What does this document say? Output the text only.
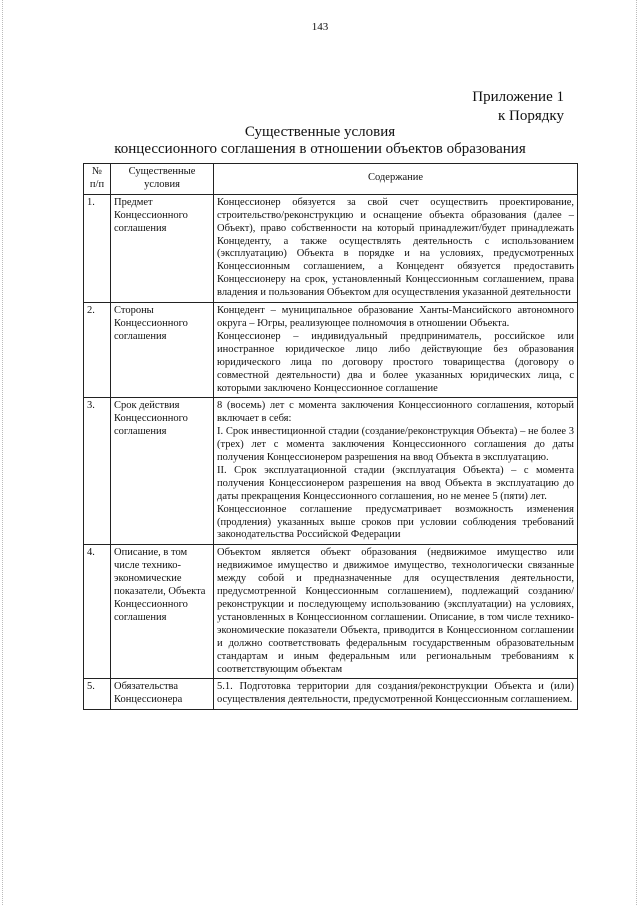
143
Приложение 1
к Порядку
Существенные условия
концессионного соглашения в отношении объектов образования
№ п/п	Существенные условия	Содержание
1.	Предмет Концессионного соглашения	Концессионер обязуется за свой счет осуществить проектирование, строительство/реконструкцию и оснащение объекта образования (далее – Объект), право собственности на который принадлежит/будет принадлежать Концеденту, а также осуществлять деятельность с использованием (эксплуатацию) Объекта в порядке и на условиях, предусмотренных Концессионным соглашением, а Концедент обязуется предоставить Концессионеру на срок, установленный Концессионным соглашением, права владения и пользования Объектом для осуществления указанной деятельности

2.	Стороны Концессионного соглашения	Концедент – муниципальное образование Ханты-Мансийского автономного округа – Югры, реализующее полномочия в отношении Объекта.

Концессионер – индивидуальный предприниматель, российское или иностранное юридическое лицо либо действующие без образования юридического лица по договору простого товарищества (договору о совместной деятельности) два и более указанных юридических лица, с которыми заключено Концессионное соглашение

3.	Срок действия Концессионного соглашения	8 (восемь) лет с момента заключения Концессионного соглашения, который включает в себя:

I. Срок инвестиционной стадии (создание/реконструкция Объекта) – не более 3 (трех) лет с момента заключения Концессионного соглашения до даты получения Концессионером разрешения на ввод Объекта в эксплуатацию.

II. Срок эксплуатационной стадии (эксплуатация Объекта) – с момента получения Концессионером разрешения на ввод Объекта в эксплуатацию до даты прекращения Концессионного соглашения, но не менее 5 (пяти) лет.

Концессионное соглашение предусматривает возможность изменения (продления) указанных выше сроков при условии соблюдения требований законодательства Российской Федерации

4.	Описание, в том числе технико-экономические показатели, Объекта Концессионного соглашения	Объектом является объект образования (недвижимое имущество или недвижимое имущество и движимое имущество, технологически связанные между собой и предназначенные для осуществления деятельности, предусмотренной Концессионным соглашением), подлежащий созданию/реконструкции и последующему использованию (эксплуатации) на условиях, установленных в Концессионном соглашении. Описание, в том числе технико-экономические показатели Объекта, приводится в Концессионном соглашении и должно соответствовать федеральным государственным образовательным стандартам и иным федеральным или региональным требованиям к соответствующим объектам

5.	Обязательства Концессионера	5.1. Подготовка территории для создания/реконструкции Объекта и (или) осуществления деятельности, предусмотренной Концессионным соглашением.
